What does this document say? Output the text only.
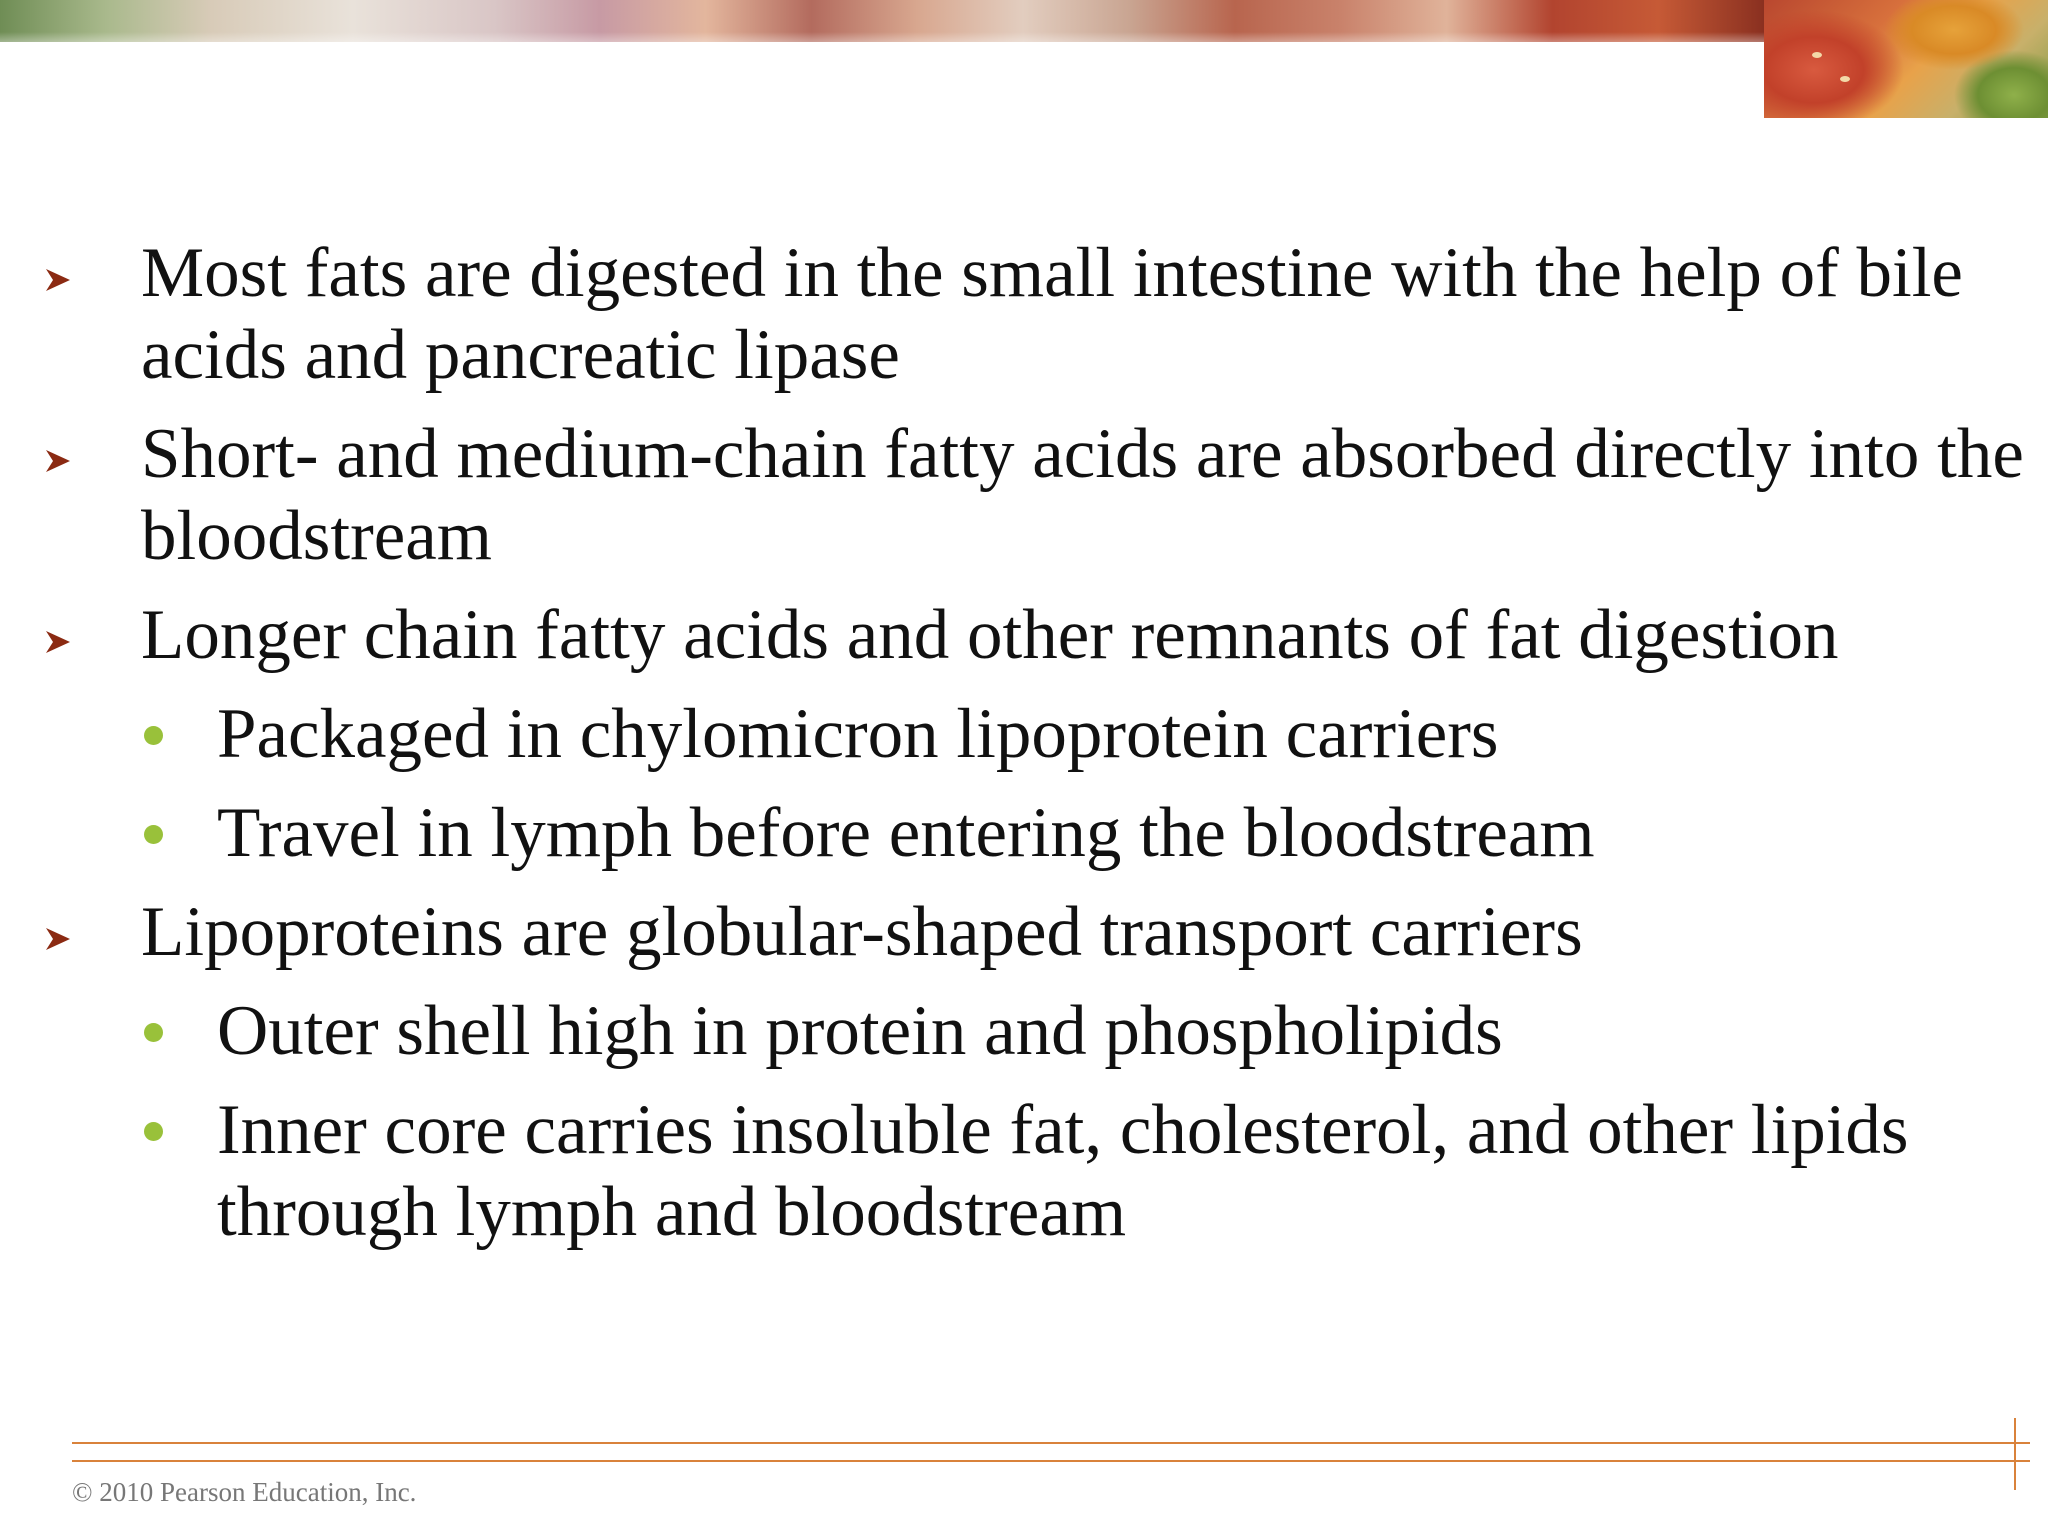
Most fats are digested in the small intestine with the help of bile acids and pancreatic lipase
Short- and medium-chain fatty acids are absorbed directly into the bloodstream
Longer chain fatty acids and other remnants of fat digestion
Packaged in chylomicron lipoprotein carriers
Travel in lymph before entering the bloodstream
Lipoproteins are globular-shaped transport carriers
Outer shell high in protein and phospholipids
Inner core carries insoluble fat, cholesterol, and other lipids through lymph and bloodstream
© 2010 Pearson Education, Inc.
